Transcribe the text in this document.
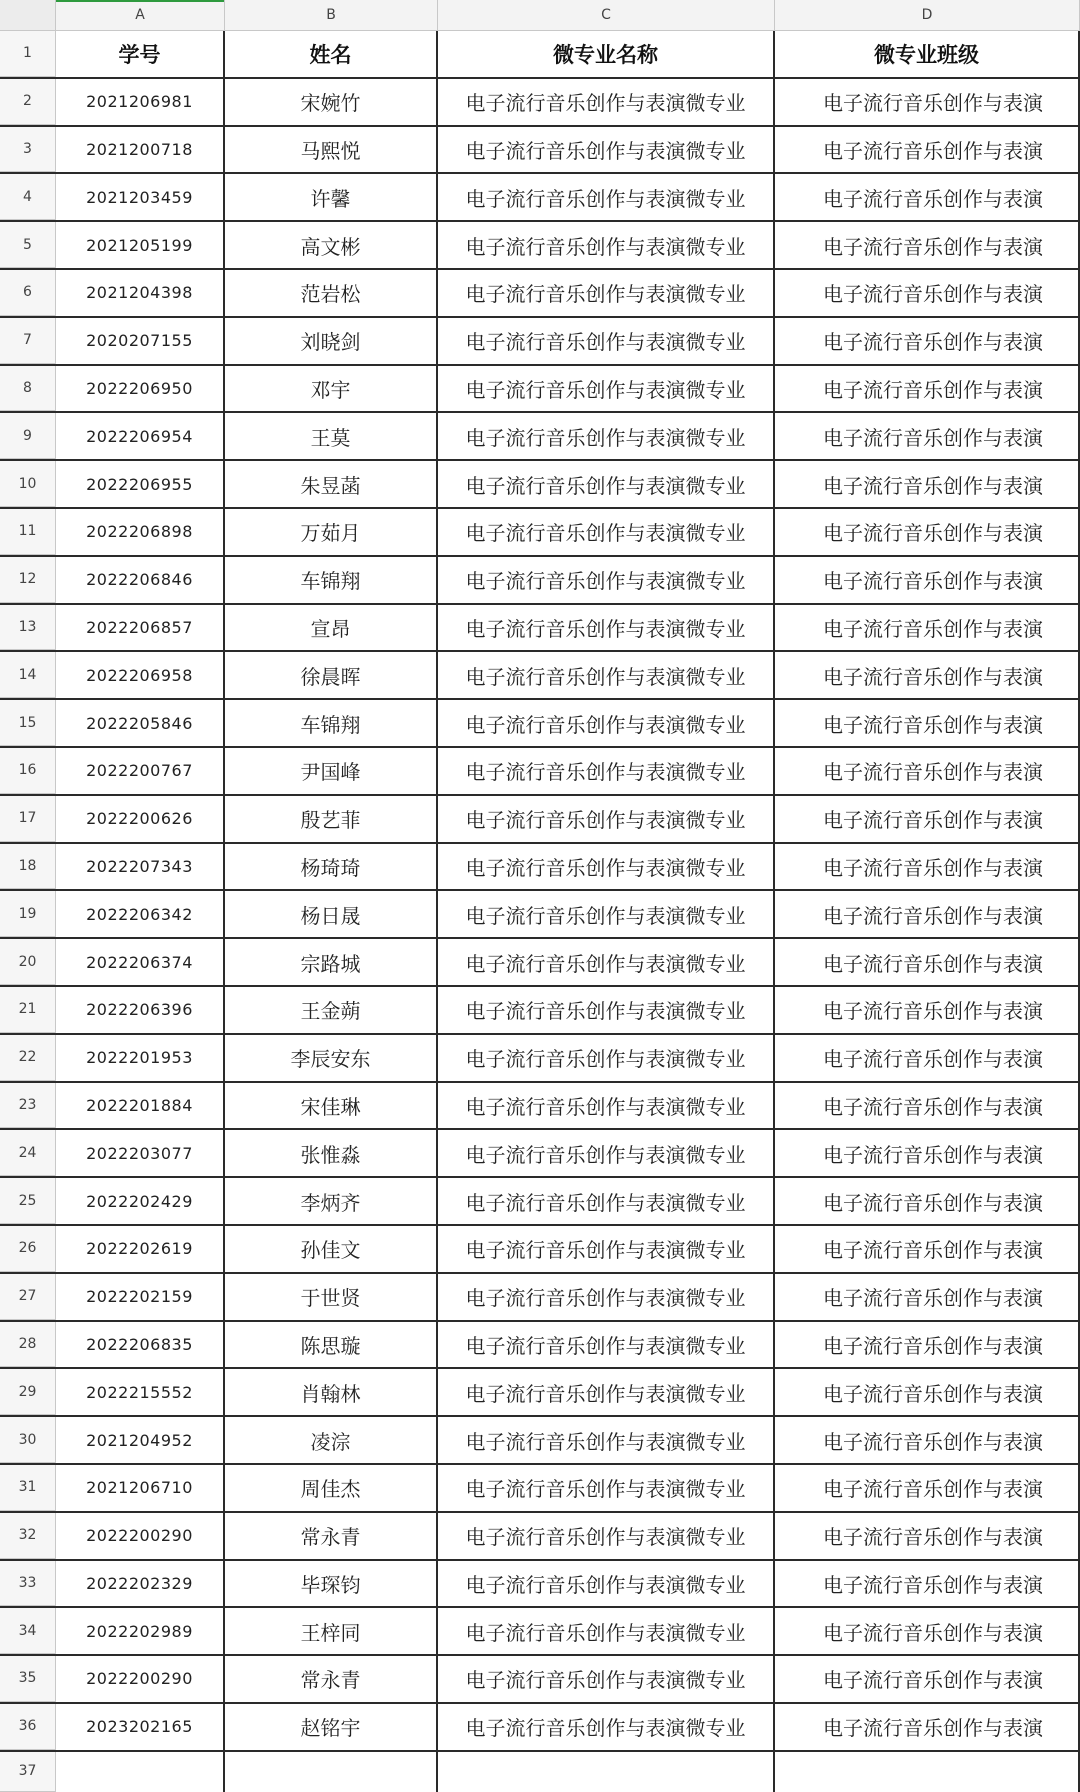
A	B	C	D
1	学号	姓名	微专业名称	微专业班级
2	2021206981	宋婉竹	电子流行音乐创作与表演微专业	电子流行音乐创作与表演
3	2021200718	马熙悦	电子流行音乐创作与表演微专业	电子流行音乐创作与表演
4	2021203459	许馨	电子流行音乐创作与表演微专业	电子流行音乐创作与表演
5	2021205199	高文彬	电子流行音乐创作与表演微专业	电子流行音乐创作与表演
6	2021204398	范岩松	电子流行音乐创作与表演微专业	电子流行音乐创作与表演
7	2020207155	刘晓剑	电子流行音乐创作与表演微专业	电子流行音乐创作与表演
8	2022206950	邓宇	电子流行音乐创作与表演微专业	电子流行音乐创作与表演
9	2022206954	王莫	电子流行音乐创作与表演微专业	电子流行音乐创作与表演
10	2022206955	朱昱菡	电子流行音乐创作与表演微专业	电子流行音乐创作与表演
11	2022206898	万茹月	电子流行音乐创作与表演微专业	电子流行音乐创作与表演
12	2022206846	车锦翔	电子流行音乐创作与表演微专业	电子流行音乐创作与表演
13	2022206857	宣昂	电子流行音乐创作与表演微专业	电子流行音乐创作与表演
14	2022206958	徐晨晖	电子流行音乐创作与表演微专业	电子流行音乐创作与表演
15	2022205846	车锦翔	电子流行音乐创作与表演微专业	电子流行音乐创作与表演
16	2022200767	尹国峰	电子流行音乐创作与表演微专业	电子流行音乐创作与表演
17	2022200626	殷艺菲	电子流行音乐创作与表演微专业	电子流行音乐创作与表演
18	2022207343	杨琦琦	电子流行音乐创作与表演微专业	电子流行音乐创作与表演
19	2022206342	杨日晟	电子流行音乐创作与表演微专业	电子流行音乐创作与表演
20	2022206374	宗路城	电子流行音乐创作与表演微专业	电子流行音乐创作与表演
21	2022206396	王金蒴	电子流行音乐创作与表演微专业	电子流行音乐创作与表演
22	2022201953	李辰安东	电子流行音乐创作与表演微专业	电子流行音乐创作与表演
23	2022201884	宋佳琳	电子流行音乐创作与表演微专业	电子流行音乐创作与表演
24	2022203077	张惟淼	电子流行音乐创作与表演微专业	电子流行音乐创作与表演
25	2022202429	李炳齐	电子流行音乐创作与表演微专业	电子流行音乐创作与表演
26	2022202619	孙佳文	电子流行音乐创作与表演微专业	电子流行音乐创作与表演
27	2022202159	于世贤	电子流行音乐创作与表演微专业	电子流行音乐创作与表演
28	2022206835	陈思璇	电子流行音乐创作与表演微专业	电子流行音乐创作与表演
29	2022215552	肖翰林	电子流行音乐创作与表演微专业	电子流行音乐创作与表演
30	2021204952	凌淙	电子流行音乐创作与表演微专业	电子流行音乐创作与表演
31	2021206710	周佳杰	电子流行音乐创作与表演微专业	电子流行音乐创作与表演
32	2022200290	常永青	电子流行音乐创作与表演微专业	电子流行音乐创作与表演
33	2022202329	毕琛钧	电子流行音乐创作与表演微专业	电子流行音乐创作与表演
34	2022202989	王梓同	电子流行音乐创作与表演微专业	电子流行音乐创作与表演
35	2022200290	常永青	电子流行音乐创作与表演微专业	电子流行音乐创作与表演
36	2023202165	赵铭宇	电子流行音乐创作与表演微专业	电子流行音乐创作与表演
37
